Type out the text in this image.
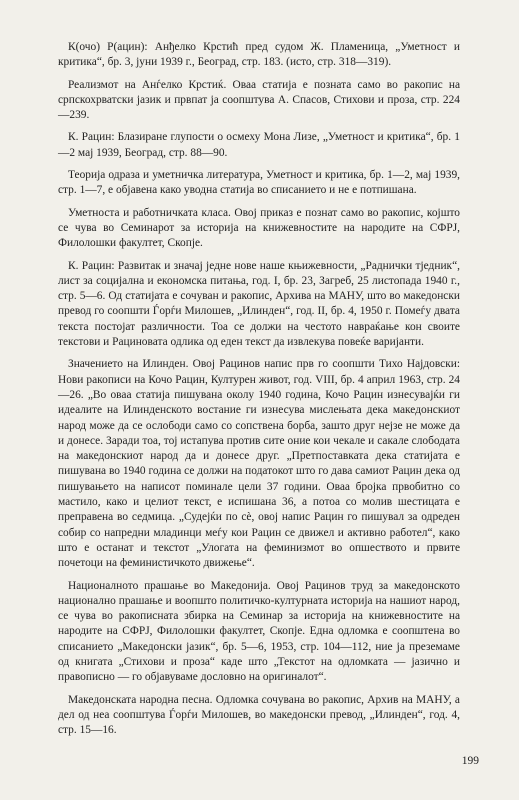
К(очо) Р(ацин): Анђелко Крстић пред судом Ж. Пламеница, „Уметност и критика“, бр. 3, јуни 1939 г., Београд, стр. 183. (исто, стр. 318—319).

Реализмот на Анѓелко Крстиќ. Оваа статија е позната само во ракопис на српскохрватски јазик и првпат ја соопштува А. Спасов, Стихови и проза, стр. 224—239.

К. Рацин: Блазиране глупости о осмеху Мона Лизе, „Уметност и критика“, бр. 1—2 мај 1939, Београд, стр. 88—90.

Теорија одраза и уметничка литература, Уметност и критика, бр. 1—2, мај 1939, стр. 1—7, е објавена како уводна статија во списанието и не е потпишана.

Уметноста и работничката класа. Овој приказ е познат само во ракопис, којшто се чува во Семинарот за историја на книжевностите на народите на СФРЈ, Филолошки факултет, Скопје.

К. Рацин: Развитак и значај једне нове наше књижевности, „Раднички тједник“, лист за социјална и економска питања, год. I, бр. 23, Загреб, 25 листопада 1940 г., стр. 5—6. Од статијата е сочуван и ракопис, Архива на МАНУ, што во македонски превод го соопшти Ѓорѓи Милошев, „Илинден“, год. II, бр. 4, 1950 г. Помеѓу двата текста постојат различности. Тоа се должи на честото навраќање кон своите текстови и Рациновата одлика од еден текст да извлекува повеќе варијанти.

Значението на Илинден. Овој Рацинов напис прв го соопшти Тихо Најдовски: Нови ракописи на Кочо Рацин, Културен живот, год. VIII, бр. 4 април 1963, стр. 24—26. „Во оваа статија пишувана околу 1940 година, Кочо Рацин изнесувајќи ги идеалите на Илинденското востание ги изнесува мислењата дека македонскиот народ може да се ослободи само со сопствена борба, зашто друг нејзе не може да и донесе. Заради тоа, тој истапува против сите оние кои чекале и сакале слободата на македонскиот народ да и донесе друг. „Претпоставката дека статијата е пишувана во 1940 година се должи на податокот што го дава самиот Рацин дека од пишувањето на написот поминале цели 37 години. Оваа бројка првобитно со мастило, како и целиот текст, е испишана 36, а потоа со молив шестицата е преправена во седмица. „Судејќи по сè, овој напис Рацин го пишувал за одреден собир со напредни младинци меѓу кои Рацин се движел и активно работел“, како што е останат и текстот „Улогата на феминизмот во опшеството и првите почетоци на феминистичкото движење“.

Националното прашање во Македонија. Овој Рацинов труд за македонското национално прашање и воопшто политичко-културната историја на нашиот народ, се чува во ракописната збирка на Семинар за историја на книжевностите на народите на СФРЈ, Филолошки факултет, Скопје. Една одломка е соопштена во списанието „Македонски јазик“, бр. 5—6, 1953, стр. 104—112, ние ја преземаме од книгата „Стихови и проза“ каде што „Текстот на одломката — јазично и правописно — го објавуваме дословно на оригиналот“.

Македонската народна песна. Одломка сочувана во ракопис, Архив на МАНУ, а дел од неа соопштува Ѓорѓи Милошев, во македонски превод, „Илинден“, год. 4, стр. 15—16.

199
